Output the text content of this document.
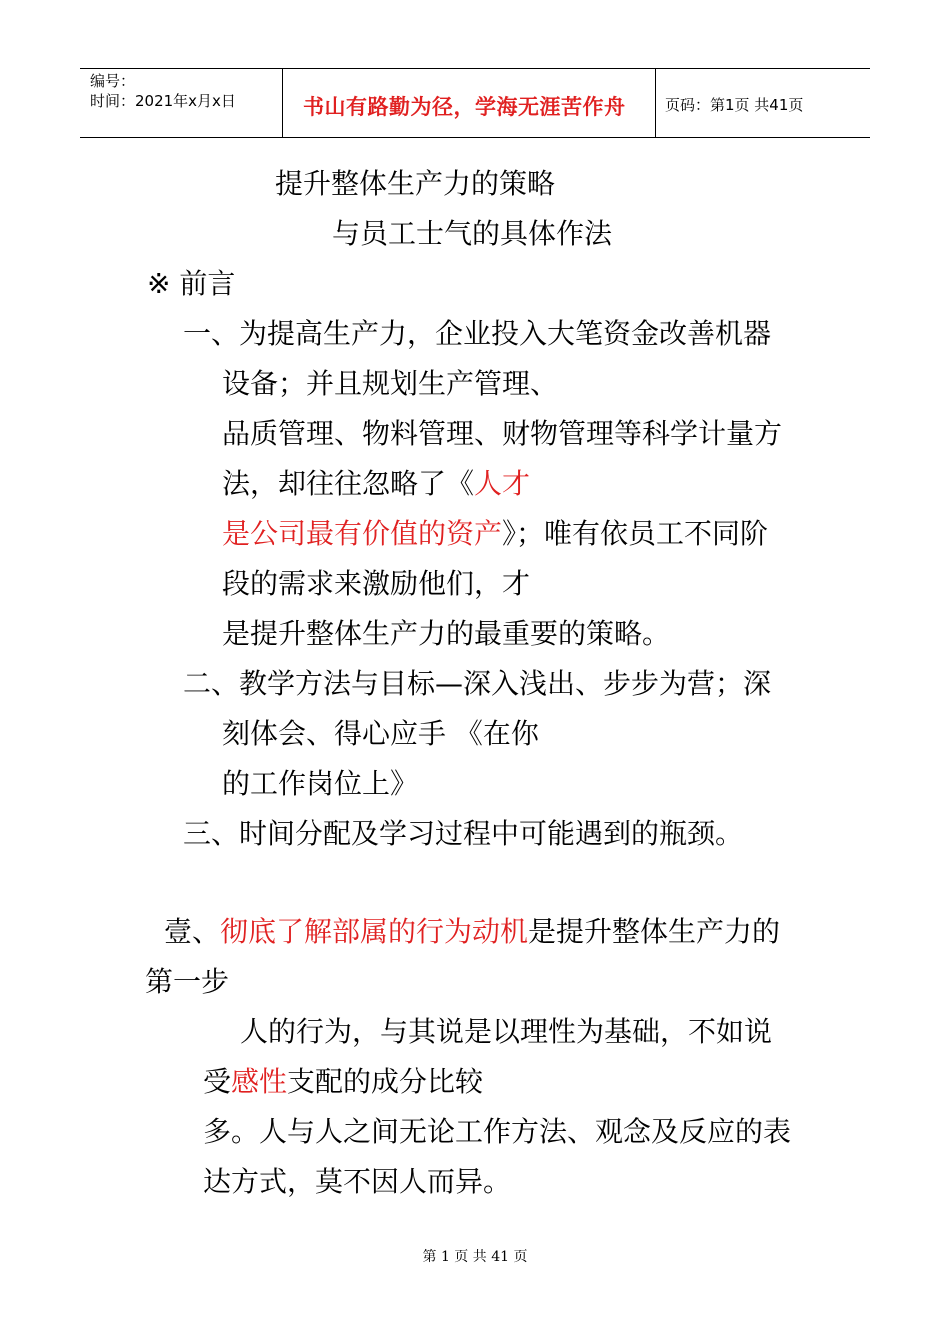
编号：
时间：2021年x月x日	书山有路勤为径，学海无涯苦作舟	页码：第1页 共41页
提升整体生产力的策略
与员工士气的具体作法
※ 前言
一、为提高生产力，企业投入大笔资金改善机器
设备；并且规划生产管理、
品质管理、物料管理、财物管理等科学计量方
法，却往往忽略了《人才
是公司最有价值的资产》；唯有依员工不同阶
段的需求来激励他们，才
是提升整体生产力的最重要的策略。
二、教学方法与目标—深入浅出、步步为营；深
刻体会、得心应手 《在你
的工作岗位上》
三、时间分配及学习过程中可能遇到的瓶颈。
壹、彻底了解部属的行为动机是提升整体生产力的
第一步
人的行为，与其说是以理性为基础，不如说
受感性支配的成分比较
多。人与人之间无论工作方法、观念及反应的表
达方式，莫不因人而异。
第 1 页 共 41 页
